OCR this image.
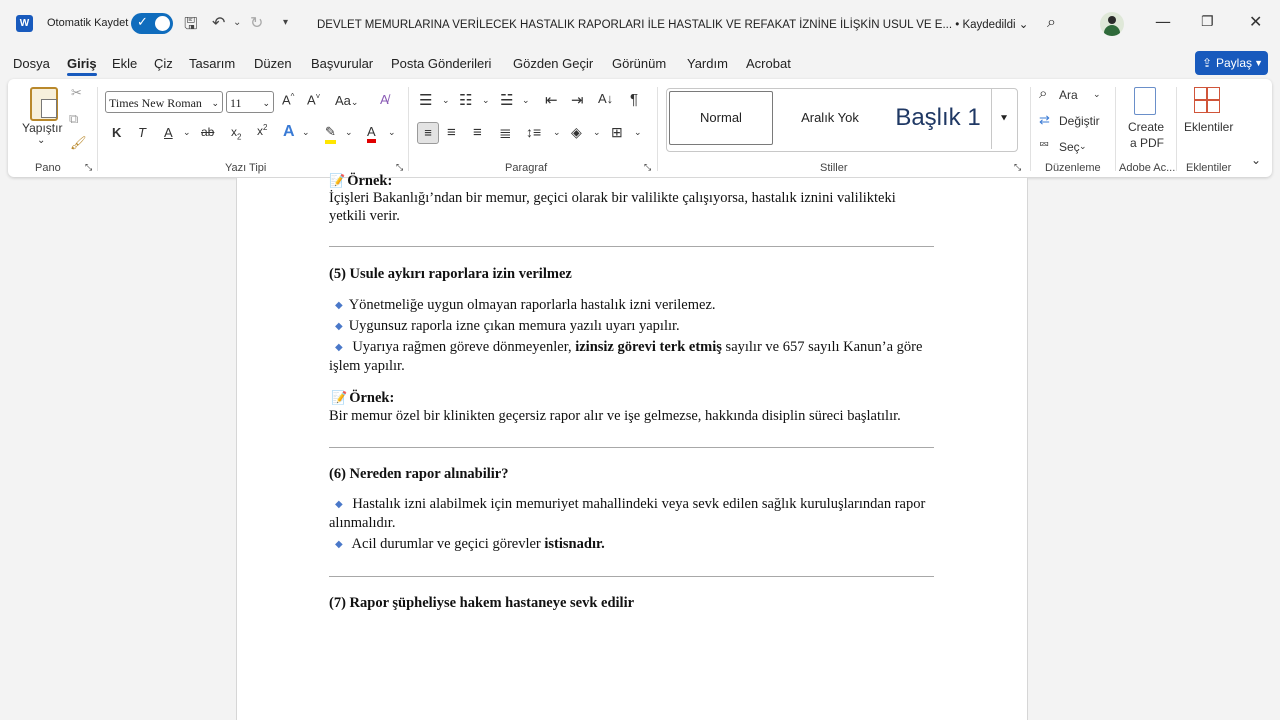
W	Otomatik Kaydet ✓ 🖫 ↶ ⌄ ↻ ▾	DEVLET MEMURLARINA VERİLECEK HASTALIK RAPORLARI İLE HASTALIK VE REFAKAT İZNİNE İLİŞKİN USUL VE E... • Kaydedildi ⌄ ⌕	— ❐ ✕
Dosya Giriş Ekle Çiz Tasarım Düzen Başvurular Posta Gönderileri Gözden Geçir Görünüm Yardım Acrobat	⇪ Paylaş ▼
Yapıştır
⌄
✂
⧉
🖌
Pano	⤡
Times New Roman ⌄ 11 ⌄ A^ A˅ Aa⌄ A̸
K T A ⌄ ab $x_2$ $x^2$ A ⌄ ✎ ⌄ A ⌄
Yazı Tipi	⤡
☰ ⌄ ☷ ⌄ ☱ ⌄ ⇤ ⇥ A↓ ¶
≡	≡ ≡ ≣ ↕≡ ⌄ ◈ ⌄ ⊞ ⌄
Paragraf	⤡
Normal	Aralık Yok	Başlık 1	⯆
Stiller	⤡
⌕ Ara ⌄
⇄ Değiştir
⮹ Seç ⌄
Düzenleme
Create
a PDF
Adobe Ac...
Eklentiler
Eklentiler
⌄
📝 Örnek:
İçişleri Bakanlığı’ndan bir memur, geçici olarak bir valilikte çalışıyorsa, hastalık iznini valilikteki
yetkili verir.
(5) Usule aykırı raporlara izin verilmez
◆ Yönetmeliğe uygun olmayan raporlarla hastalık izni verilemez.
◆ Uygunsuz raporla izne çıkan memura yazılı uyarı yapılır.
◆ Uyarıya rağmen göreve dönmeyenler, izinsiz görevi terk etmiş sayılır ve 657 sayılı Kanun’a göre
işlem yapılır.
📝 Örnek:
Bir memur özel bir klinikten geçersiz rapor alır ve işe gelmezse, hakkında disiplin süreci başlatılır.
(6) Nereden rapor alınabilir?
◆ Hastalık izni alabilmek için memuriyet mahallindeki veya sevk edilen sağlık kuruluşlarından rapor
alınmalıdır.
◆ Acil durumlar ve geçici görevler istisnadır.
(7) Rapor şüpheliyse hakem hastaneye sevk edilir
